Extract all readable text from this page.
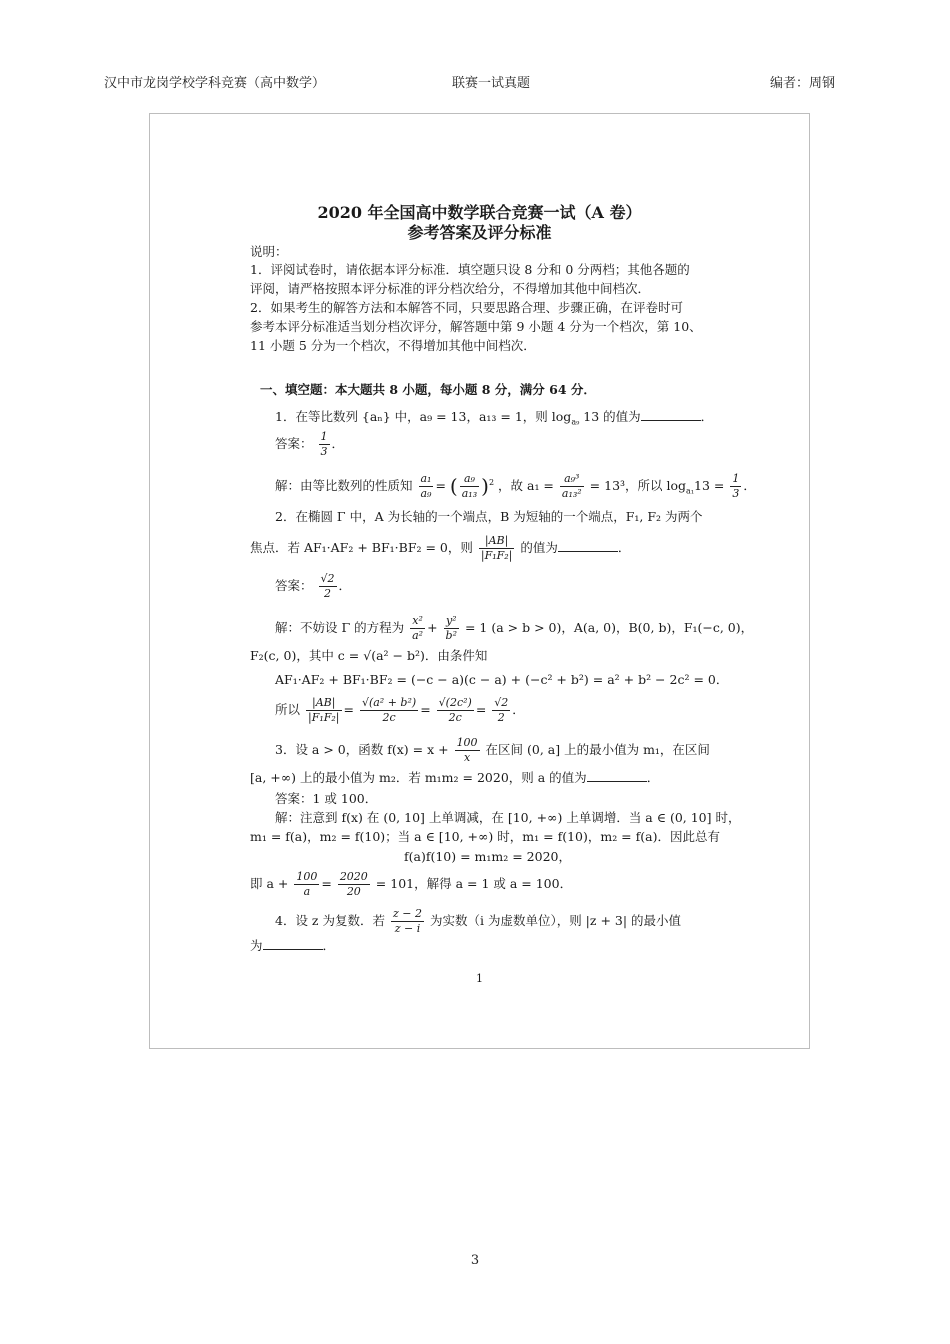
汉中市龙岗学校学科竞赛（高中数学）	联赛一试真题	编者：周钢
2020 年全国高中数学联合竞赛一试（A 卷）
参考答案及评分标准
说明：
1．评阅试卷时，请依据本评分标准．填空题只设 8 分和 0 分两档；其他各题的
评阅，请严格按照本评分标准的评分档次给分，不得增加其他中间档次．
2．如果考生的解答方法和本解答不同，只要思路合理、步骤正确，在评卷时可
参考本评分标准适当划分档次评分，解答题中第 9 小题 4 分为一个档次，第 10、
11 小题 5 分为一个档次，不得增加其他中间档次．
一、填空题：本大题共 8 小题，每小题 8 分，满分 64 分．
1．在等比数列 {aₙ} 中，a₉ = 13，a₁₃ = 1，则 $\log_{a_9} 13$ 的值为	．
答案： $\frac{1}{3}$ ．
解：由等比数列的性质知 $\frac{\text{a₁}}{\text{a₉}}$ = ( $\frac{\text{a₉}}{\text{a₁₃}} )^2$ ，故 $a_1 = \frac{\text{a₉³}}{\text{a₁₃²}} = 13^3$，所以 $\log_{a_1}13 = \frac{1}{3}$ ．
2．在椭圆 Γ 中，A 为长轴的一个端点，B 为短轴的一个端点，F₁, F₂ 为两个
焦点．若 AF₁·AF₂ + BF₁·BF₂ = 0，则 $\frac{|AB|}{\text{|F₁F₂|}}$ 的值为	．
答案： $\frac{√2}{2}$ ．
解：不妨设 Γ 的方程为 $\frac{\text{x²}}{\text{a²}} + \frac{\text{y²}}{\text{b²}} = 1$ (a > b > 0)，A(a, 0)，B(0, b)，F₁(−c, 0)，
F₂(c, 0)，其中 c = √(a² − b²)．由条件知
AF₁·AF₂ + BF₁·BF₂ = (−c − a)(c − a) + (−c² + b²) = a² + b² − 2c² = 0．
所以 $\frac{|AB|}{\text{|F₁F₂|}} = \frac{\text{√(a² + b²)}}{2c} = \frac{\text{√(2c²)}}{2c} = \frac{√2}{2}$ ．
3．设 a > 0，函数 $f(x) = x + \frac{100}{x}$ 在区间 (0, a] 上的最小值为 m₁，在区间
[a, +∞) 上的最小值为 m₂．若 m₁m₂ = 2020，则 a 的值为	．
答案：1 或 100．
解：注意到 f(x) 在 (0, 10] 上单调减，在 [10, +∞) 上单调增．当 a ∈ (0, 10] 时，
m₁ = f(a)，m₂ = f(10)；当 a ∈ [10, +∞) 时，m₁ = f(10)，m₂ = f(a)．因此总有
f(a)f(10) = m₁m₂ = 2020，
即 $a + \frac{100}{a} = \frac{2020}{20} = 101$，解得 a = 1 或 a = 100．
4．设 z 为复数．若 $\frac{z - 2}{z - i}$ 为实数（i 为虚数单位），则 |z + 3| 的最小值
为	．
1
3
